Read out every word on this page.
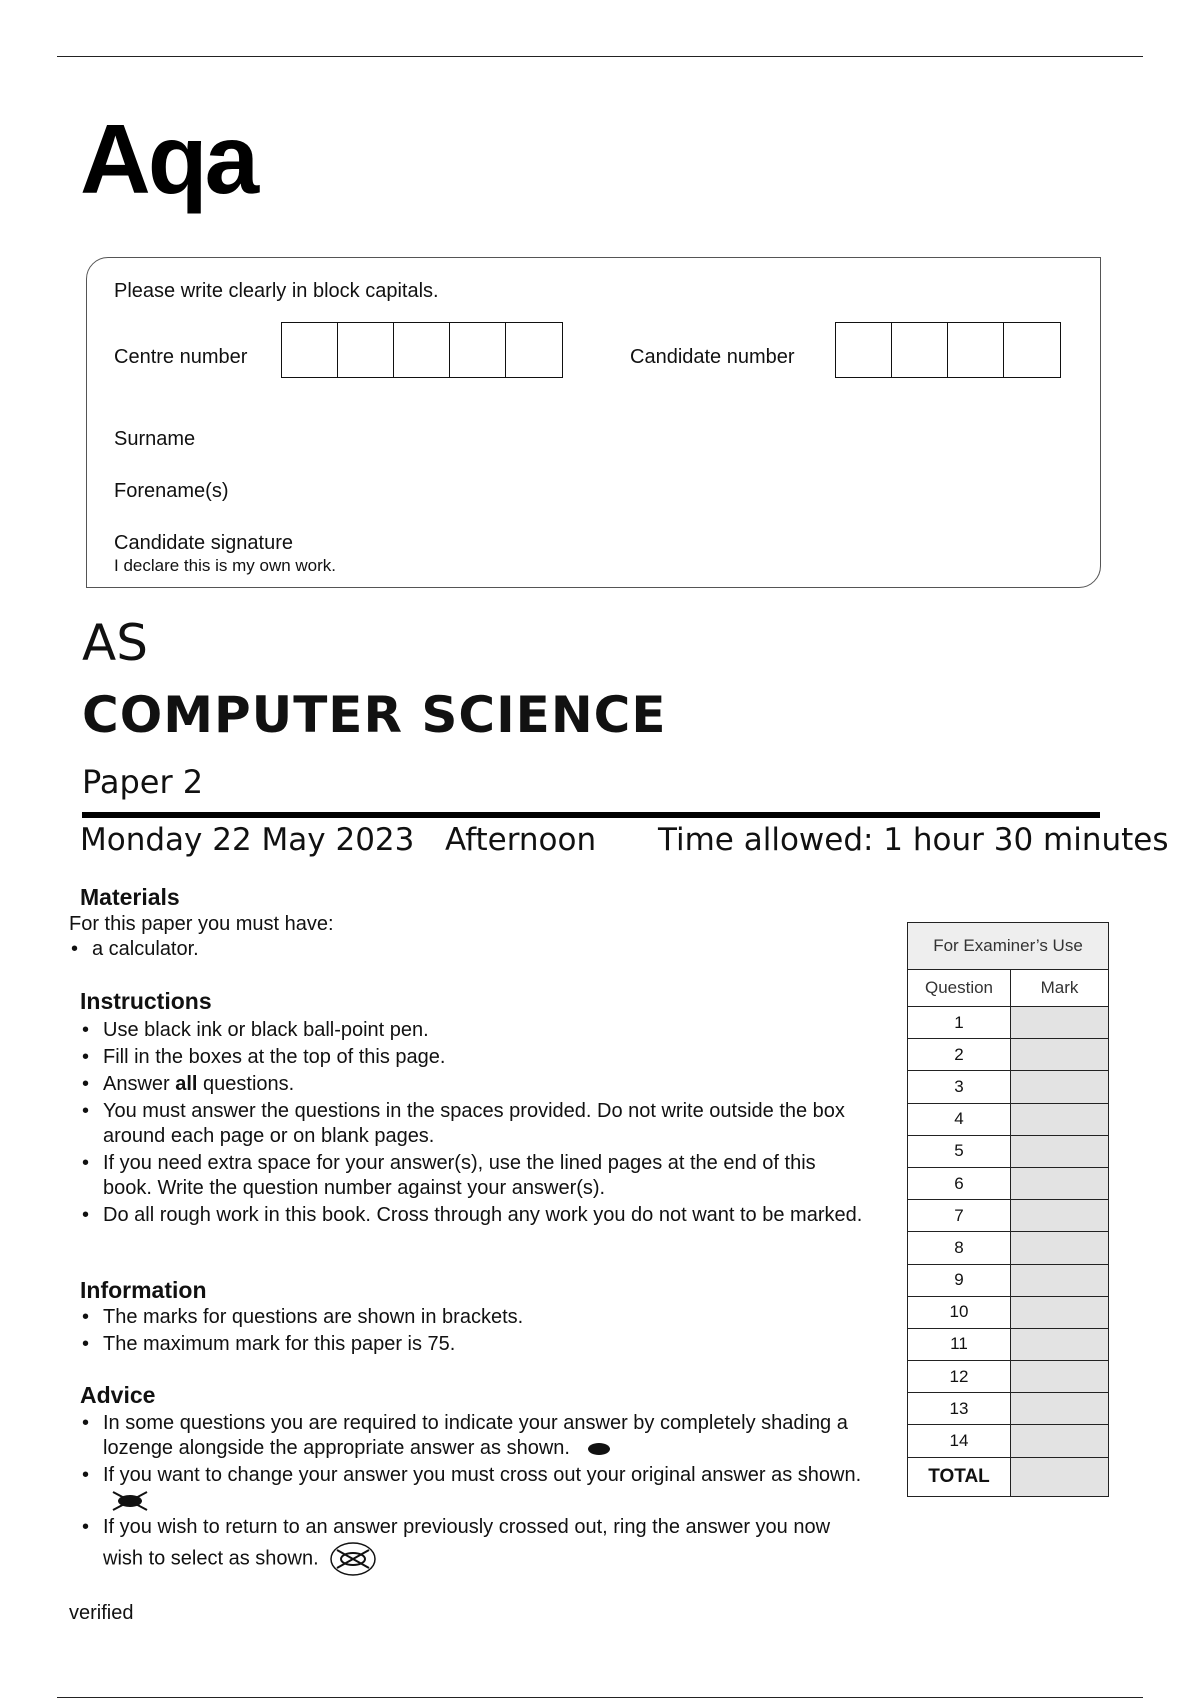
Aqa
Please write clearly in block capitals.
Centre number	Candidate number
Surname
Forename(s)
Candidate signature
I declare this is my own work.
AS
COMPUTER SCIENCE
Paper 2
Monday 22 May 2023 Afternoon Time allowed: 1 hour 30 minutes
Materials
For this paper you must have:
• a calculator.
Instructions
• Use black ink or black ball-point pen.
• Fill in the boxes at the top of this page.
• Answer all questions.
• You must answer the questions in the spaces provided. Do not write outside the box around each page or on blank pages.
• If you need extra space for your answer(s), use the lined pages at the end of this book. Write the question number against your answer(s).
• Do all rough work in this book. Cross through any work you do not want to be marked.
Information
• The marks for questions are shown in brackets.
• The maximum mark for this paper is 75.
Advice
• In some questions you are required to indicate your answer by completely shading a lozenge alongside the appropriate answer as shown.
• If you want to change your answer you must cross out your original answer as shown.
• If you wish to return to an answer previously crossed out, ring the answer you now wish to select as shown.
verified
For Examiner’s Use	
Question	Mark
1	
2	
3	
4	
5	
6	
7	
8	
9	
10	
11	
12	
13	
14	
TOTAL	
